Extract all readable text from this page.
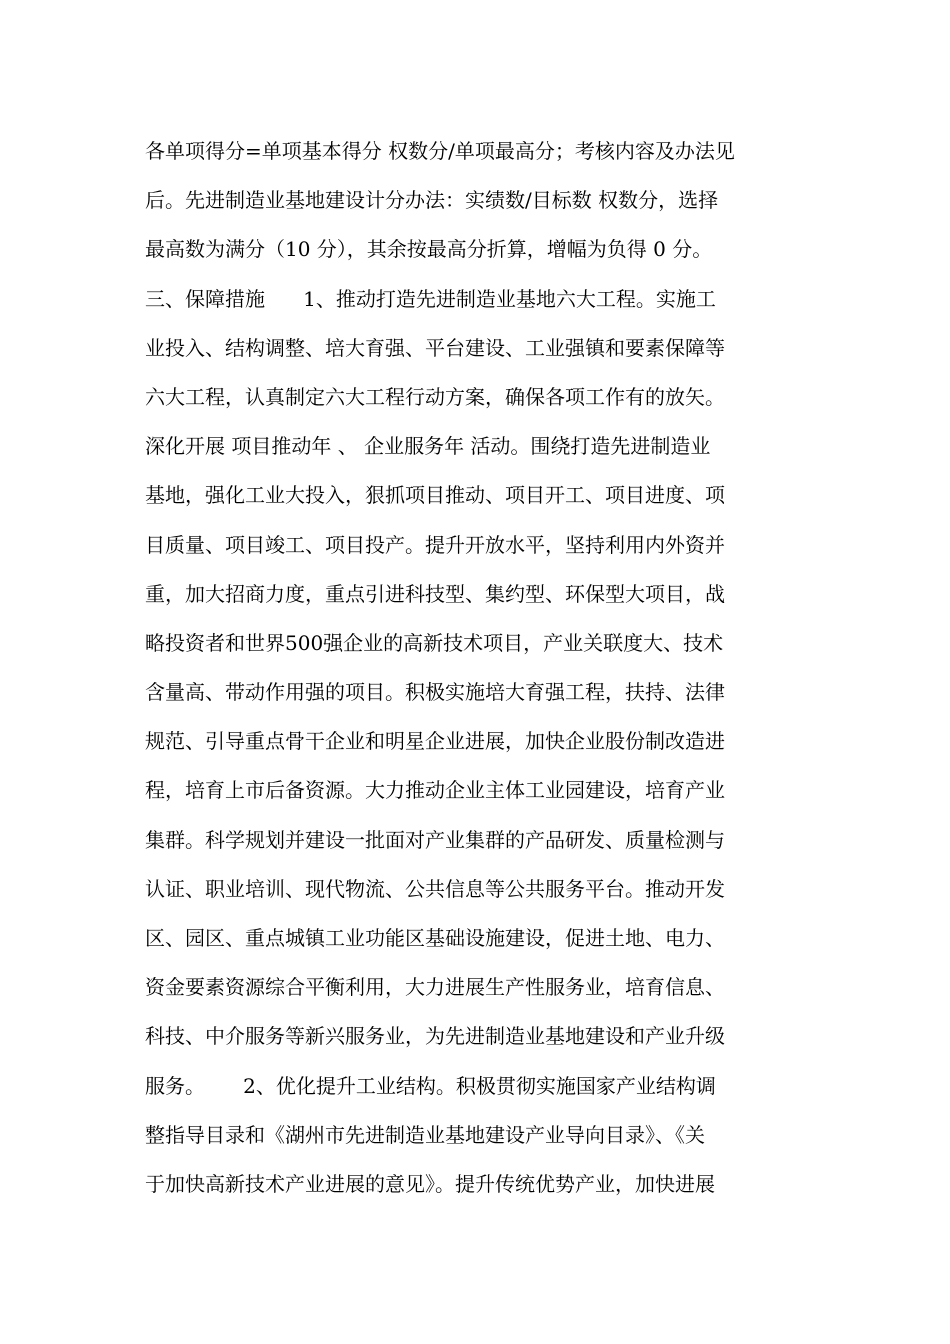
各单项得分=单项基本得分 权数分/单项最高分；考核内容及办法见
后。先进制造业基地建设计分办法：实绩数/目标数 权数分，选择
最高数为满分（10 分），其余按最高分折算，增幅为负得 0 分。
三、保障措施      1、推动打造先进制造业基地六大工程。实施工
业投入、结构调整、培大育强、平台建设、工业强镇和要素保障等
六大工程，认真制定六大工程行动方案，确保各项工作有的放矢。
深化开展 项目推动年 、 企业服务年 活动。围绕打造先进制造业
基地，强化工业大投入，狠抓项目推动、项目开工、项目进度、项
目质量、项目竣工、项目投产。提升开放水平，坚持利用内外资并
重，加大招商力度，重点引进科技型、集约型、环保型大项目，战
略投资者和世界500强企业的高新技术项目，产业关联度大、技术
含量高、带动作用强的项目。积极实施培大育强工程，扶持、法律
规范、引导重点骨干企业和明星企业进展，加快企业股份制改造进
程，培育上市后备资源。大力推动企业主体工业园建设，培育产业
集群。科学规划并建设一批面对产业集群的产品研发、质量检测与
认证、职业培训、现代物流、公共信息等公共服务平台。推动开发
区、园区、重点城镇工业功能区基础设施建设，促进土地、电力、
资金要素资源综合平衡利用，大力进展生产性服务业，培育信息、
科技、中介服务等新兴服务业，为先进制造业基地建设和产业升级
服务。      2、优化提升工业结构。积极贯彻实施国家产业结构调
整指导目录和《湖州市先进制造业基地建设产业导向目录》、《关
于加快高新技术产业进展的意见》。提升传统优势产业，加快进展
